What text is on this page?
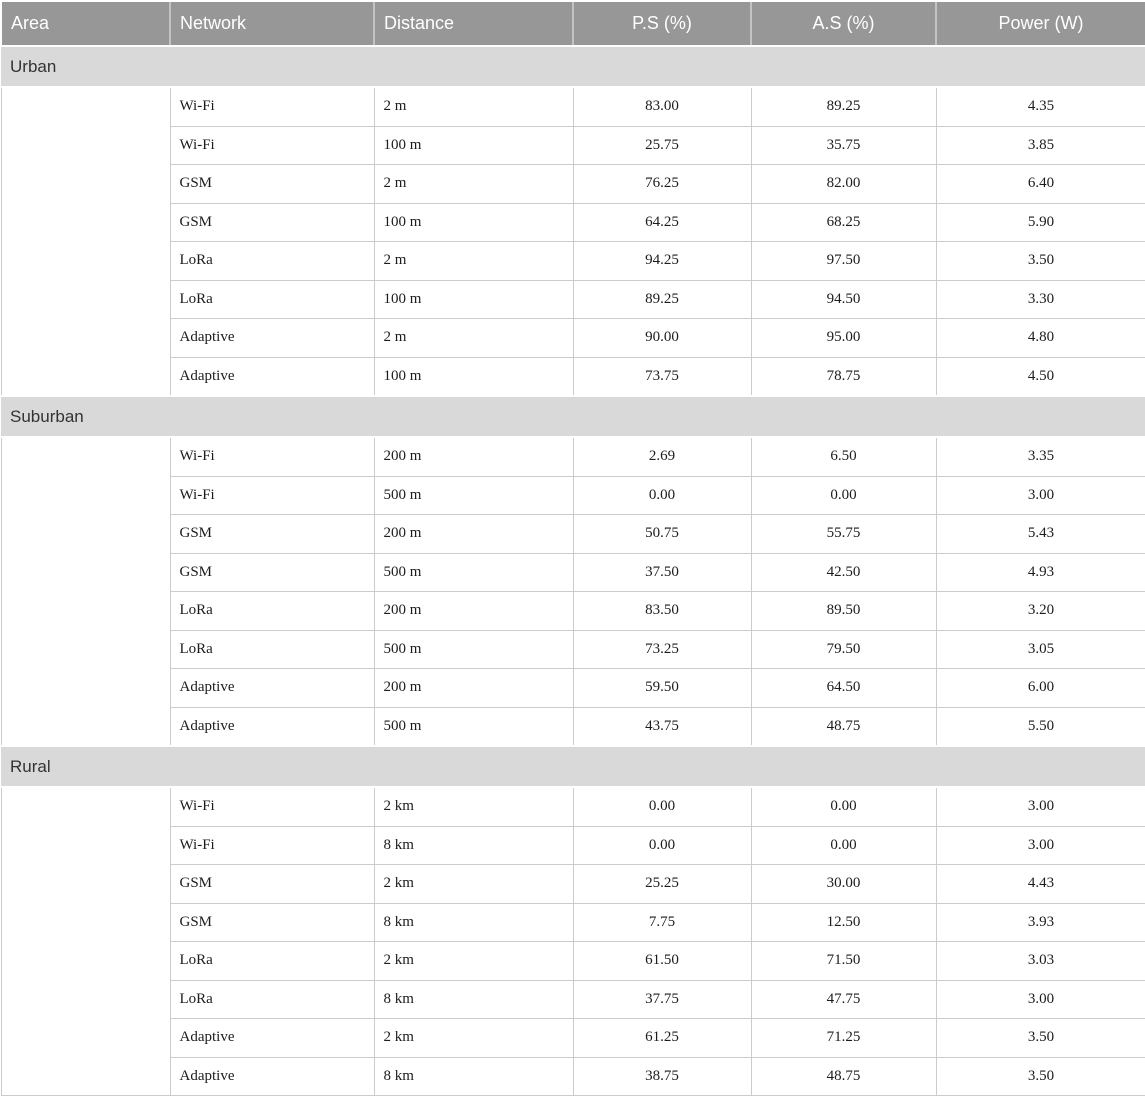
Area	Network	Distance	P.S (%)	A.S (%)	Power (W)
Urban					
	Wi-Fi	2 m	83.00	89.25	4.35
	Wi-Fi	100 m	25.75	35.75	3.85
	GSM	2 m	76.25	82.00	6.40
	GSM	100 m	64.25	68.25	5.90
	LoRa	2 m	94.25	97.50	3.50
	LoRa	100 m	89.25	94.50	3.30
	Adaptive	2 m	90.00	95.00	4.80
	Adaptive	100 m	73.75	78.75	4.50
Suburban					
	Wi-Fi	200 m	2.69	6.50	3.35
	Wi-Fi	500 m	0.00	0.00	3.00
	GSM	200 m	50.75	55.75	5.43
	GSM	500 m	37.50	42.50	4.93
	LoRa	200 m	83.50	89.50	3.20
	LoRa	500 m	73.25	79.50	3.05
	Adaptive	200 m	59.50	64.50	6.00
	Adaptive	500 m	43.75	48.75	5.50
Rural					
	Wi-Fi	2 km	0.00	0.00	3.00
	Wi-Fi	8 km	0.00	0.00	3.00
	GSM	2 km	25.25	30.00	4.43
	GSM	8 km	7.75	12.50	3.93
	LoRa	2 km	61.50	71.50	3.03
	LoRa	8 km	37.75	47.75	3.00
	Adaptive	2 km	61.25	71.25	3.50
	Adaptive	8 km	38.75	48.75	3.50
